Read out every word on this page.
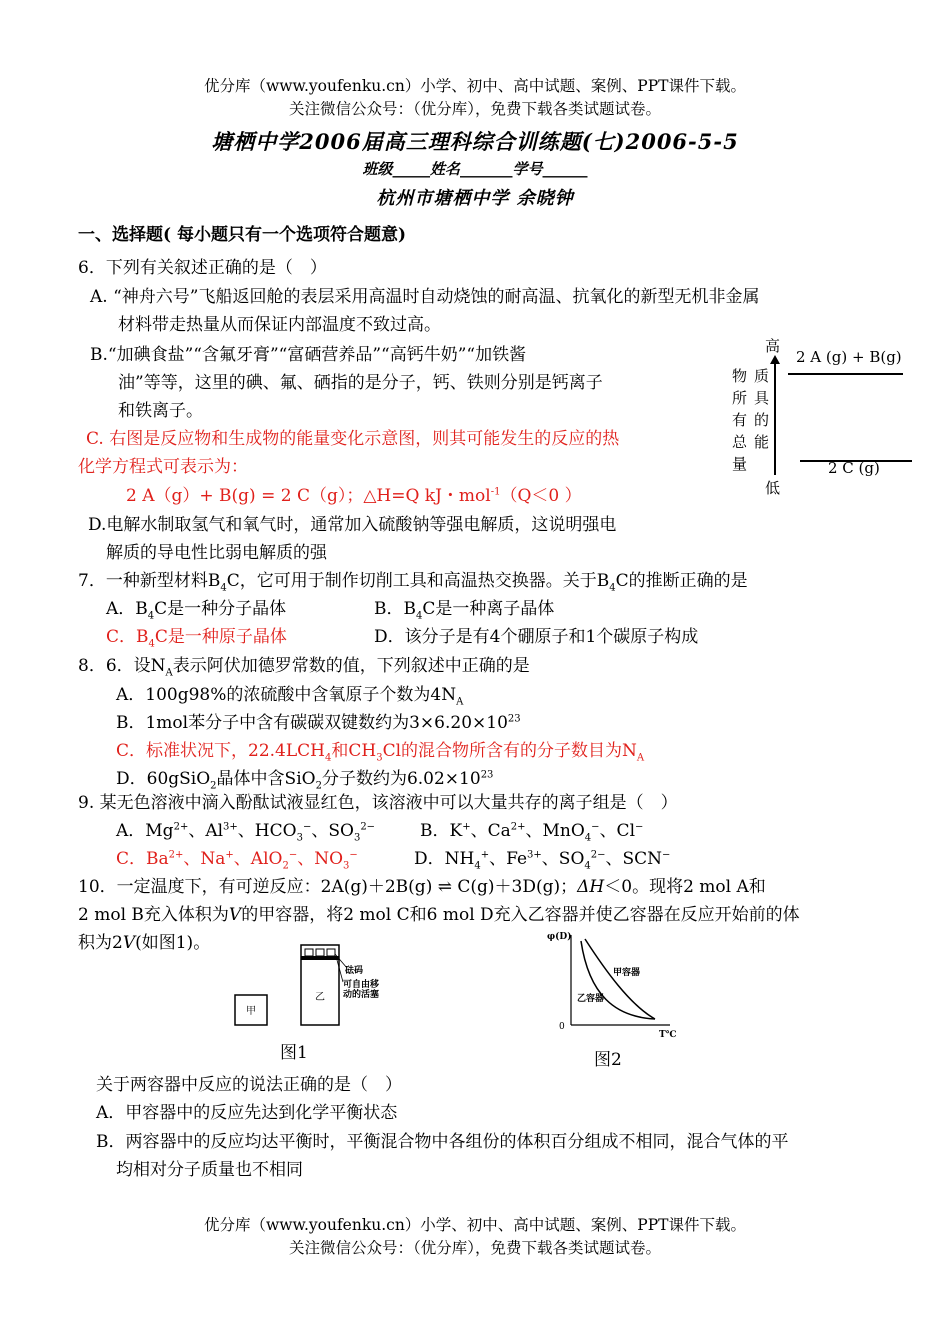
优分库（www.youfenku.cn）小学、初中、高中试题、案例、PPT课件下载。
关注微信公众号：（优分库），免费下载各类试题试卷。
塘栖中学2006届高三理科综合训练题(七)2006-5-5
班级_____姓名_______学号______
杭州市塘栖中学 余晓钟
一、选择题( 每小题只有一个选项符合题意)
6．下列有关叙述正确的是（　）
A. “神舟六号”飞船返回舱的表层采用高温时自动烧蚀的耐高温、抗氧化的新型无机非金属
材料带走热量从而保证内部温度不致过高。
B.“加碘食盐”“含氟牙膏”“富硒营养品”“高钙牛奶”“加铁酱
油”等等，这里的碘、氟、硒指的是分子，钙、铁则分别是钙离子
和铁离子。
C. 右图是反应物和生成物的能量变化示意图，则其可能发生的反应的热
化学方程式可表示为：
2 A（g）+ B(g) = 2 C（g）；△H=Q kJ・mol$^{-1}$（Q＜0 ）
D.电解水制取氢气和氧气时，通常加入硫酸钠等强电解质，这说明强电
解质的导电性比弱电解质的强
高
低
物
所
有
总
量
质
具
的
能
2 A (g) + B(g)
2 C (g)
7．一种新型材料$B_4C$，它可用于制作切削工具和高温热交换器。关于$B_4C$的推断正确的是
A．$B_4C$是一种分子晶体	B．$B_4C$是一种离子晶体
C．$B_4C$是一种原子晶体	D．该分子是有4个硼原子和1个碳原子构成
8．6．设$N_A$表示阿伏加德罗常数的值，下列叙述中正确的是
A．100g98%的浓硫酸中含氧原子个数为$4N_A$
B．1mol苯分子中含有碳碳双键数约为$3\times 6.20\times 10^{23}$
C．标准状况下，$22.4LCH_4$和$CH_3Cl$的混合物所含有的分子数目为$N_A$
D．60gSiO$_2$晶体中含SiO$_2$分子数约为$6.02\times 10^{23}$
9. 某无色溶液中滴入酚酞试液显红色，该溶液中可以大量共存的离子组是（　）
A．$Mg^{2+}$、$Al^{3+}$、$HCO_3^-$、$SO_3^{2-}$	B．K+、$Ca^{2+}$、MnO$_4$−、Cl−
C．$Ba^{2+}$、Na+、AlO$_2$−、$NO_3^-$	D．$NH_4^+$、$Fe^{3+}$、$SO_4^{2-}$、SCN−
10．一定温度下，有可逆反应：2A(g)＋2B(g) ⇌ C(g)＋3D(g)；ΔH＜0。现将2 mol A和
2 mol B充入体积为V的甲容器，将2 mol C和6 mol D充入乙容器并使乙容器在反应开始前的体
积为2V(如图1)。
甲
乙
砝码
可自由移
动的活塞
图1
φ(D)
T℃
0
甲容器
乙容器
图2
关于两容器中反应的说法正确的是（　）
A．甲容器中的反应先达到化学平衡状态
B．两容器中的反应均达平衡时，平衡混合物中各组份的体积百分组成不相同，混合气体的平
均相对分子质量也不相同
优分库（www.youfenku.cn）小学、初中、高中试题、案例、PPT课件下载。
关注微信公众号：（优分库），免费下载各类试题试卷。
